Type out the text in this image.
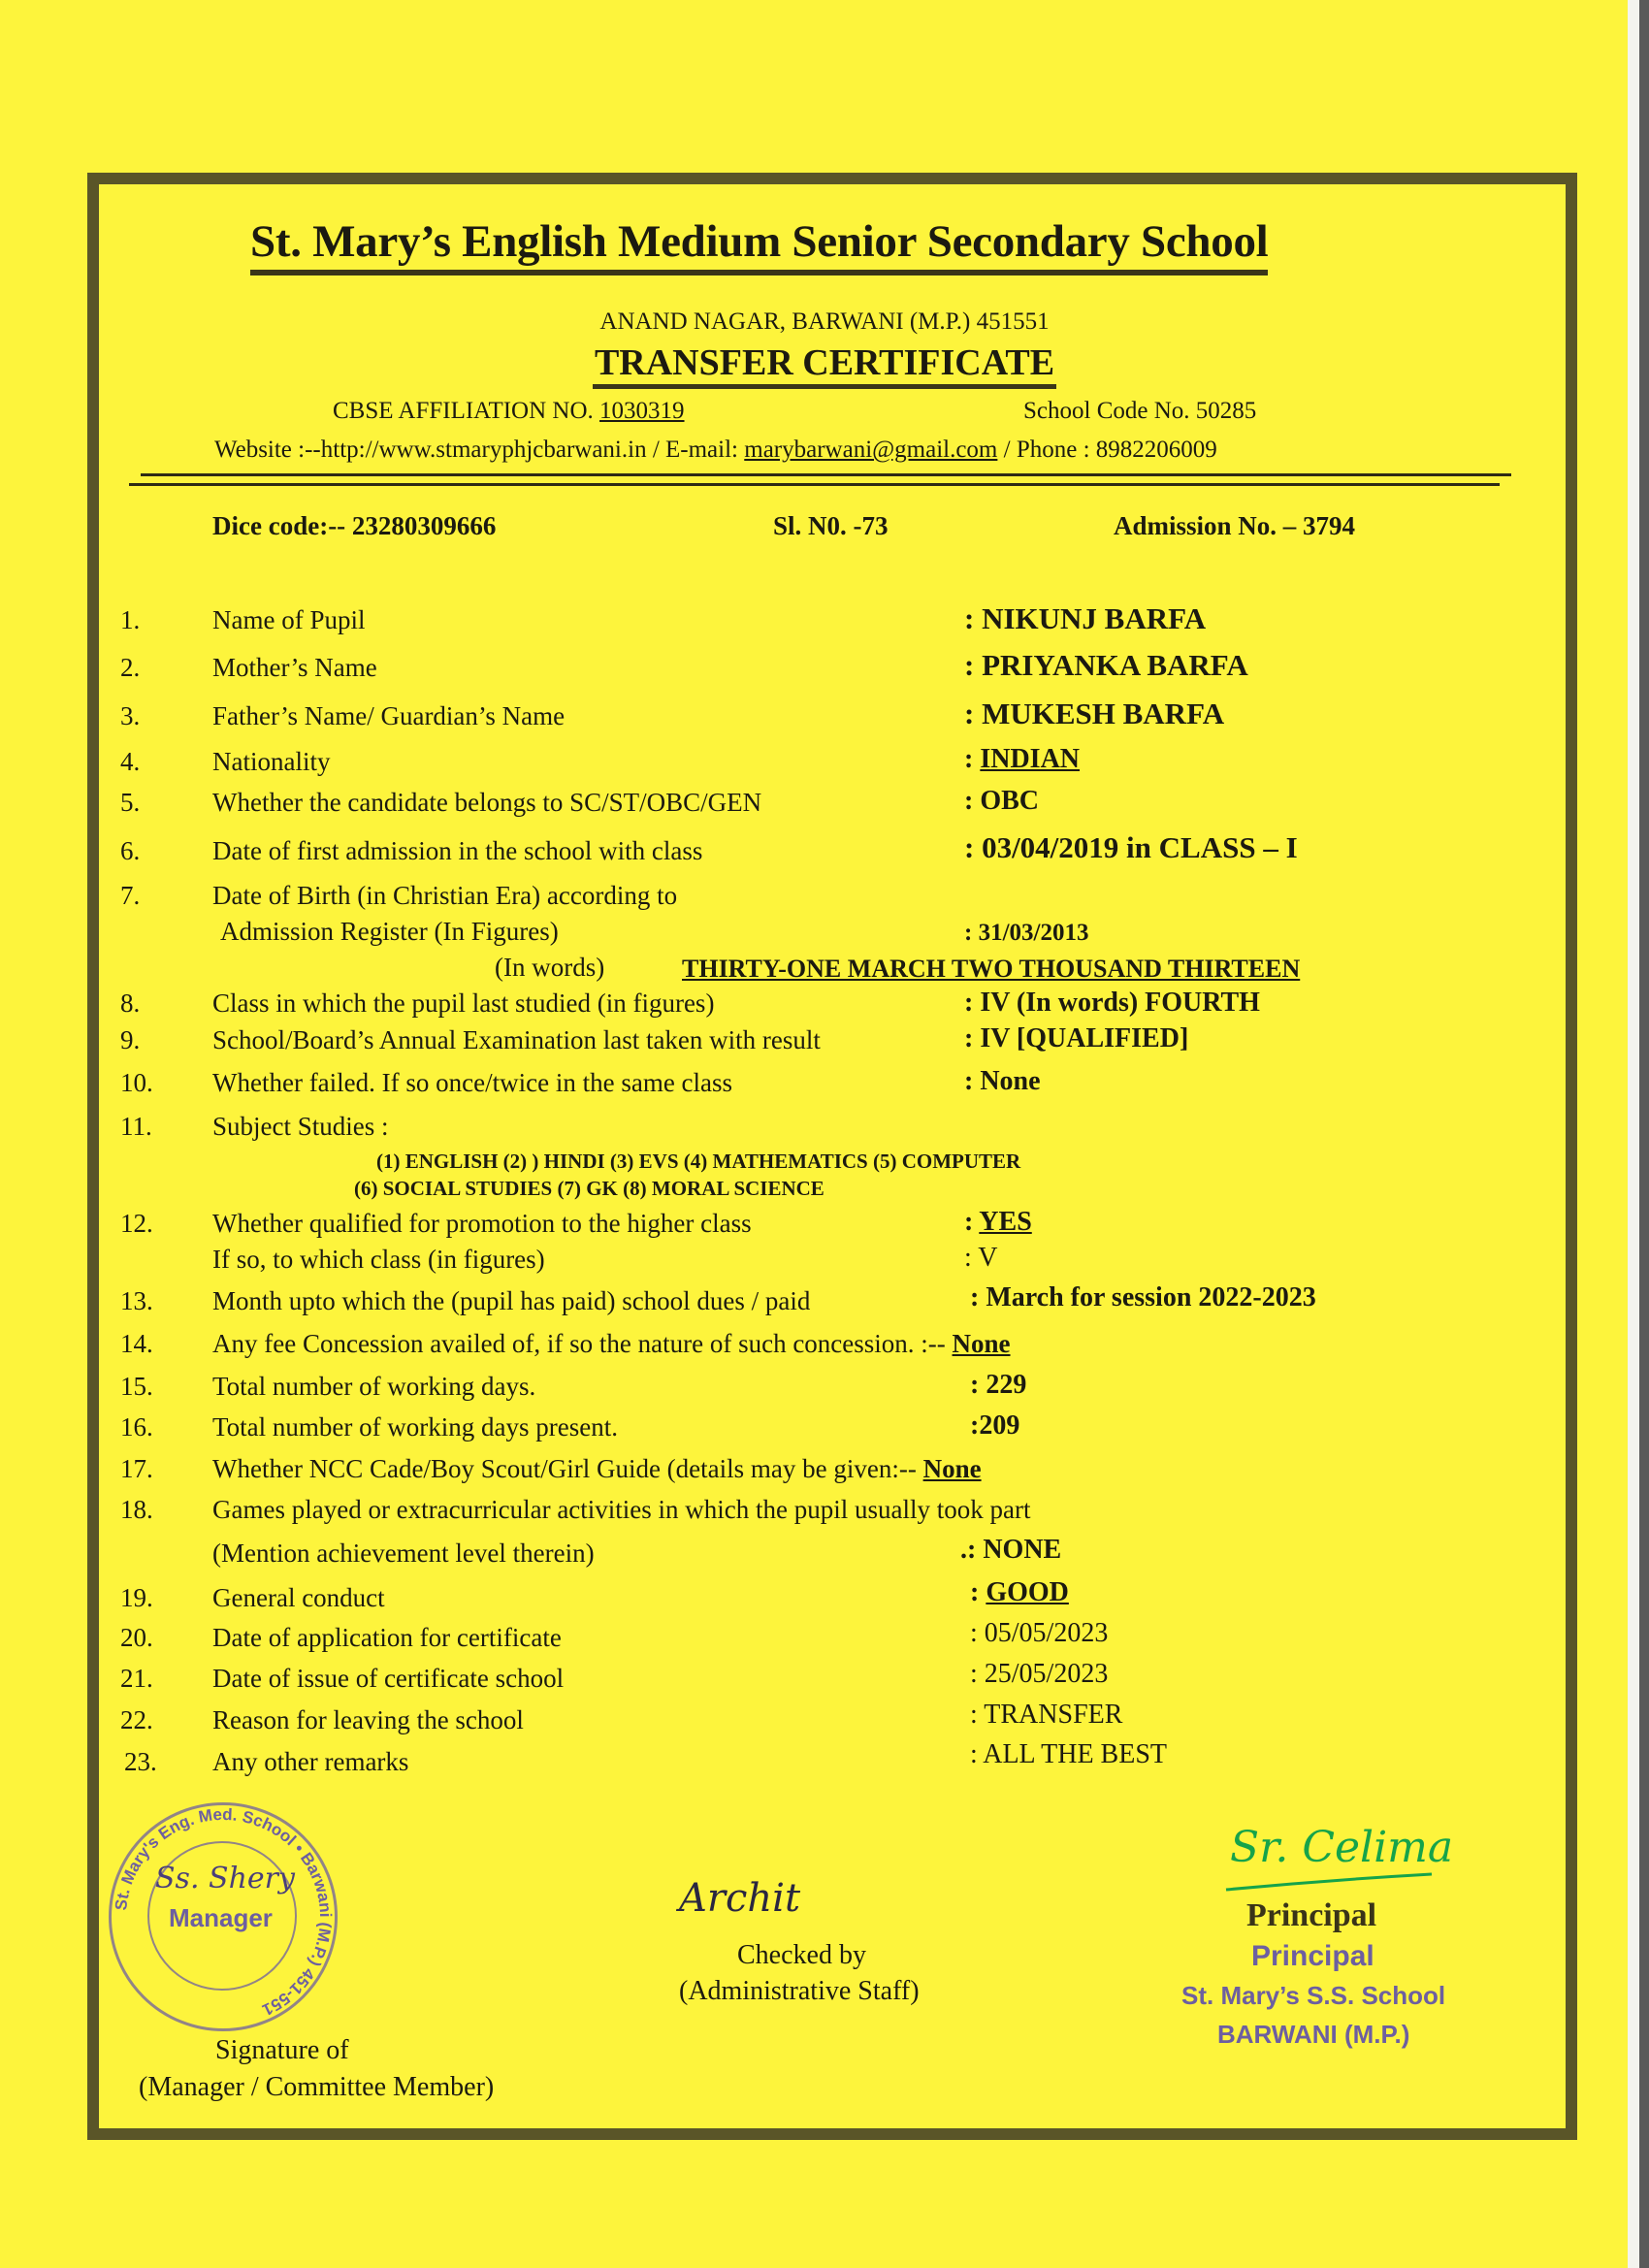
St. Mary’s English Medium Senior Secondary School
ANAND NAGAR, BARWANI (M.P.) 451551
TRANSFER CERTIFICATE
CBSE AFFILIATION NO. 1030319	School Code No. 50285
Website :--http://www.stmaryphjcbarwani.in / E-mail: marybarwani@gmail.com / Phone : 8982206009
Dice code:-- 23280309666	Sl. N0. -73	Admission No. – 3794
1.	Name of Pupil	: NIKUNJ BARFA
2.	Mother’s Name	: PRIYANKA BARFA
3.	Father’s Name/ Guardian’s Name	: MUKESH BARFA
4.	Nationality	: INDIAN
5.	Whether the candidate belongs to SC/ST/OBC/GEN	: OBC
6.	Date of first admission in the school with class	: 03/04/2019 in CLASS – I
7.	Date of Birth (in Christian Era) according to
Admission Register (In Figures)	: 31/03/2013
(In words)	THIRTY-ONE MARCH TWO THOUSAND THIRTEEN
8.	Class in which the pupil last studied (in figures)	: IV (In words) FOURTH
9.	School/Board’s Annual Examination last taken with result	: IV [QUALIFIED]
10. Whether failed. If so once/twice in the same class	: None
11. Subject Studies :
(1) ENGLISH (2) ) HINDI (3) EVS (4) MATHEMATICS (5) COMPUTER
(6) SOCIAL STUDIES (7) GK (8) MORAL SCIENCE
12. Whether qualified for promotion to the higher class	: YES
If so, to which class (in figures)	: V
13. Month upto which the (pupil has paid) school dues / paid	: March for session 2022-2023
14. Any fee Concession availed of, if so the nature of such concession. :-- None
15. Total number of working days.	: 229
16. Total number of working days present.	:209
17. Whether NCC Cade/Boy Scout/Girl Guide (details may be given:-- None
18. Games played or extracurricular activities in which the pupil usually took part
(Mention achievement level therein)	.: NONE
19. General conduct	: GOOD
20. Date of application for certificate	: 05/05/2023
21. Date of issue of certificate school	: 25/05/2023
22. Reason for leaving the school	: TRANSFER
23. Any other remarks	: ALL THE BEST
St. Mary's Eng. Med. School • Barwani (M.P.) 451-551
Ss. Shery
Manager
Signature of
(Manager / Committee Member)
Archit
Checked by
(Administrative Staff)
Sr. Celima
Principal
Principal
St. Mary’s S.S. School
BARWANI (M.P.)
